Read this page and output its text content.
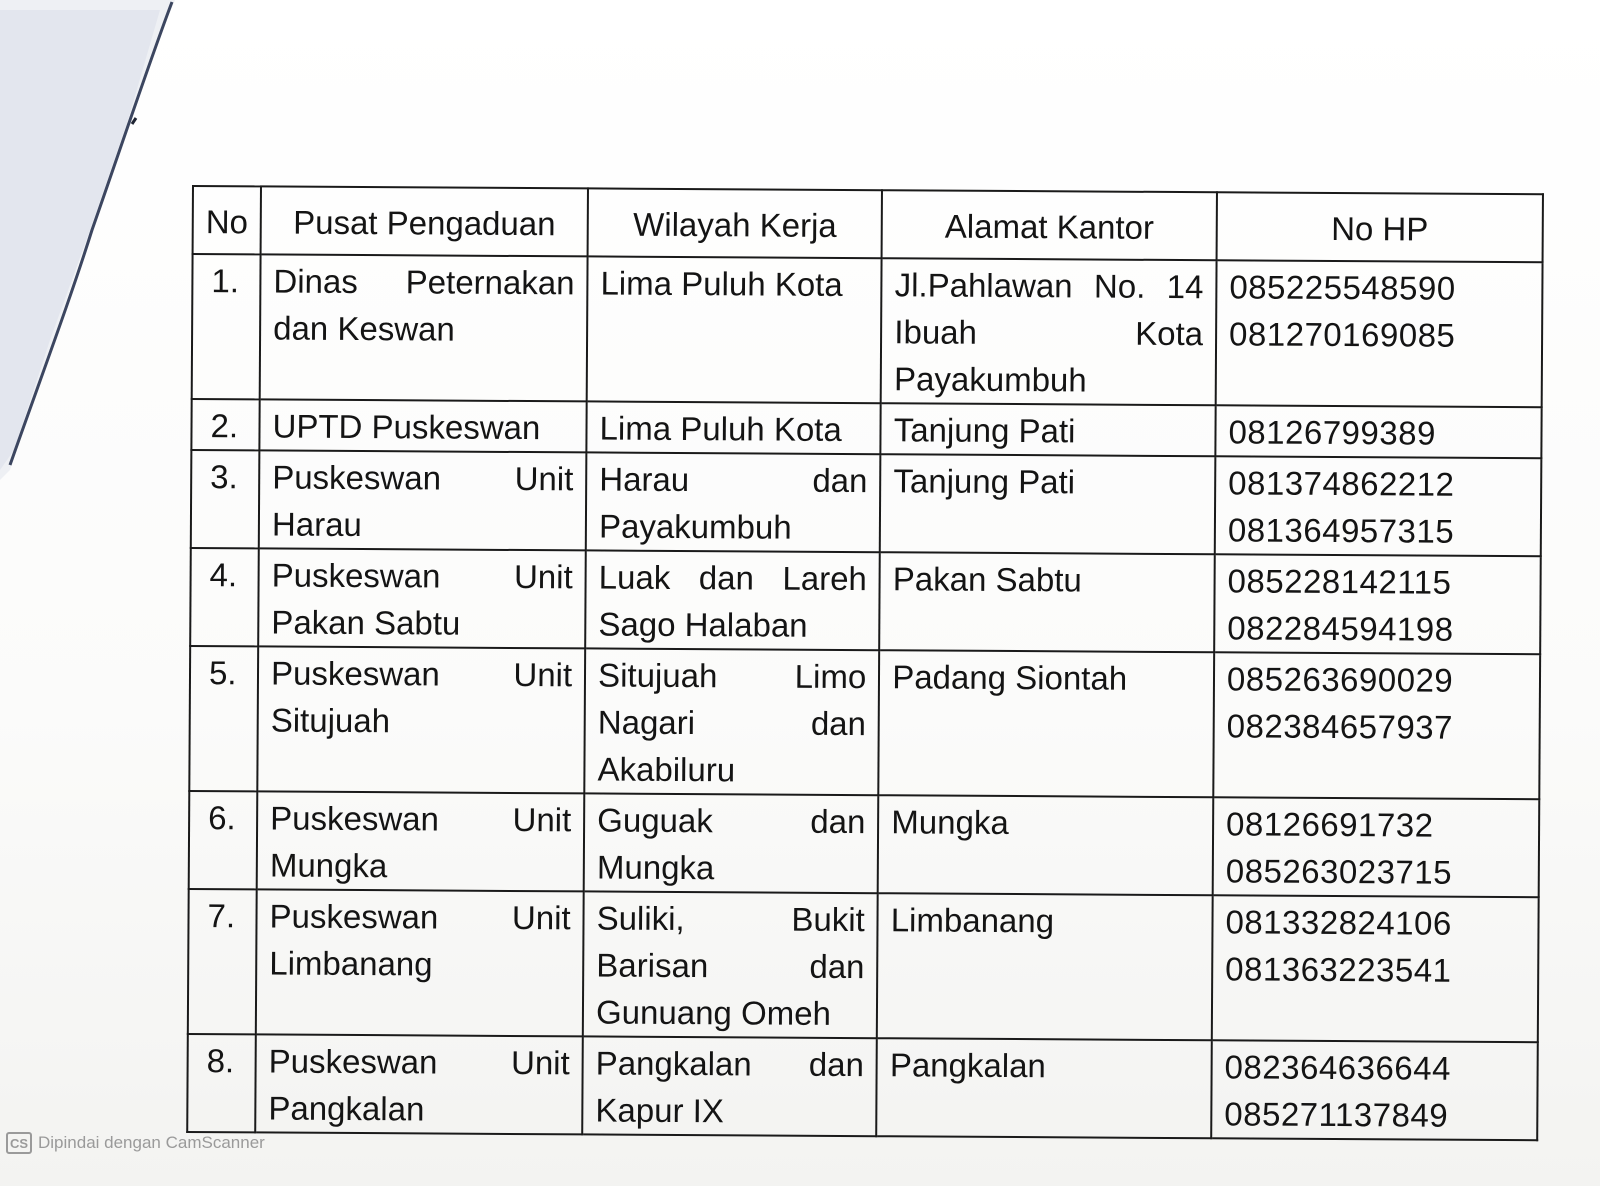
No	Pusat Pengaduan	Wilayah Kerja	Alamat Kantor	No HP
1.	Dinas Peternakan dan Keswan	Lima Puluh Kota	Jl.Pahlawan No. 14 Ibuah Kota Payakumbuh	085225548590
081270169085

2.	UPTD Puskeswan	Lima Puluh Kota	Tanjung Pati	08126799389

3.	Puskeswan Unit Harau	Harau dan Payakumbuh	Tanjung Pati	081374862212
081364957315

4.	Puskeswan Unit Pakan Sabtu	Luak dan Lareh Sago Halaban	Pakan Sabtu	085228142115
082284594198

5.	Puskeswan Unit Situjuah	Situjuah Limo Nagari dan Akabiluru	Padang Siontah	085263690029
082384657937

6.	Puskeswan Unit Mungka	Guguak dan Mungka	Mungka	08126691732
085263023715

7.	Puskeswan Unit Limbanang	Suliki, Bukit Barisan dan Gunuang Omeh	Limbanang	081332824106
081363223541

8.	Puskeswan Unit Pangkalan	Pangkalan dan Kapur IX	Pangkalan	082364636644
085271137849
CS Dipindai dengan CamScanner
